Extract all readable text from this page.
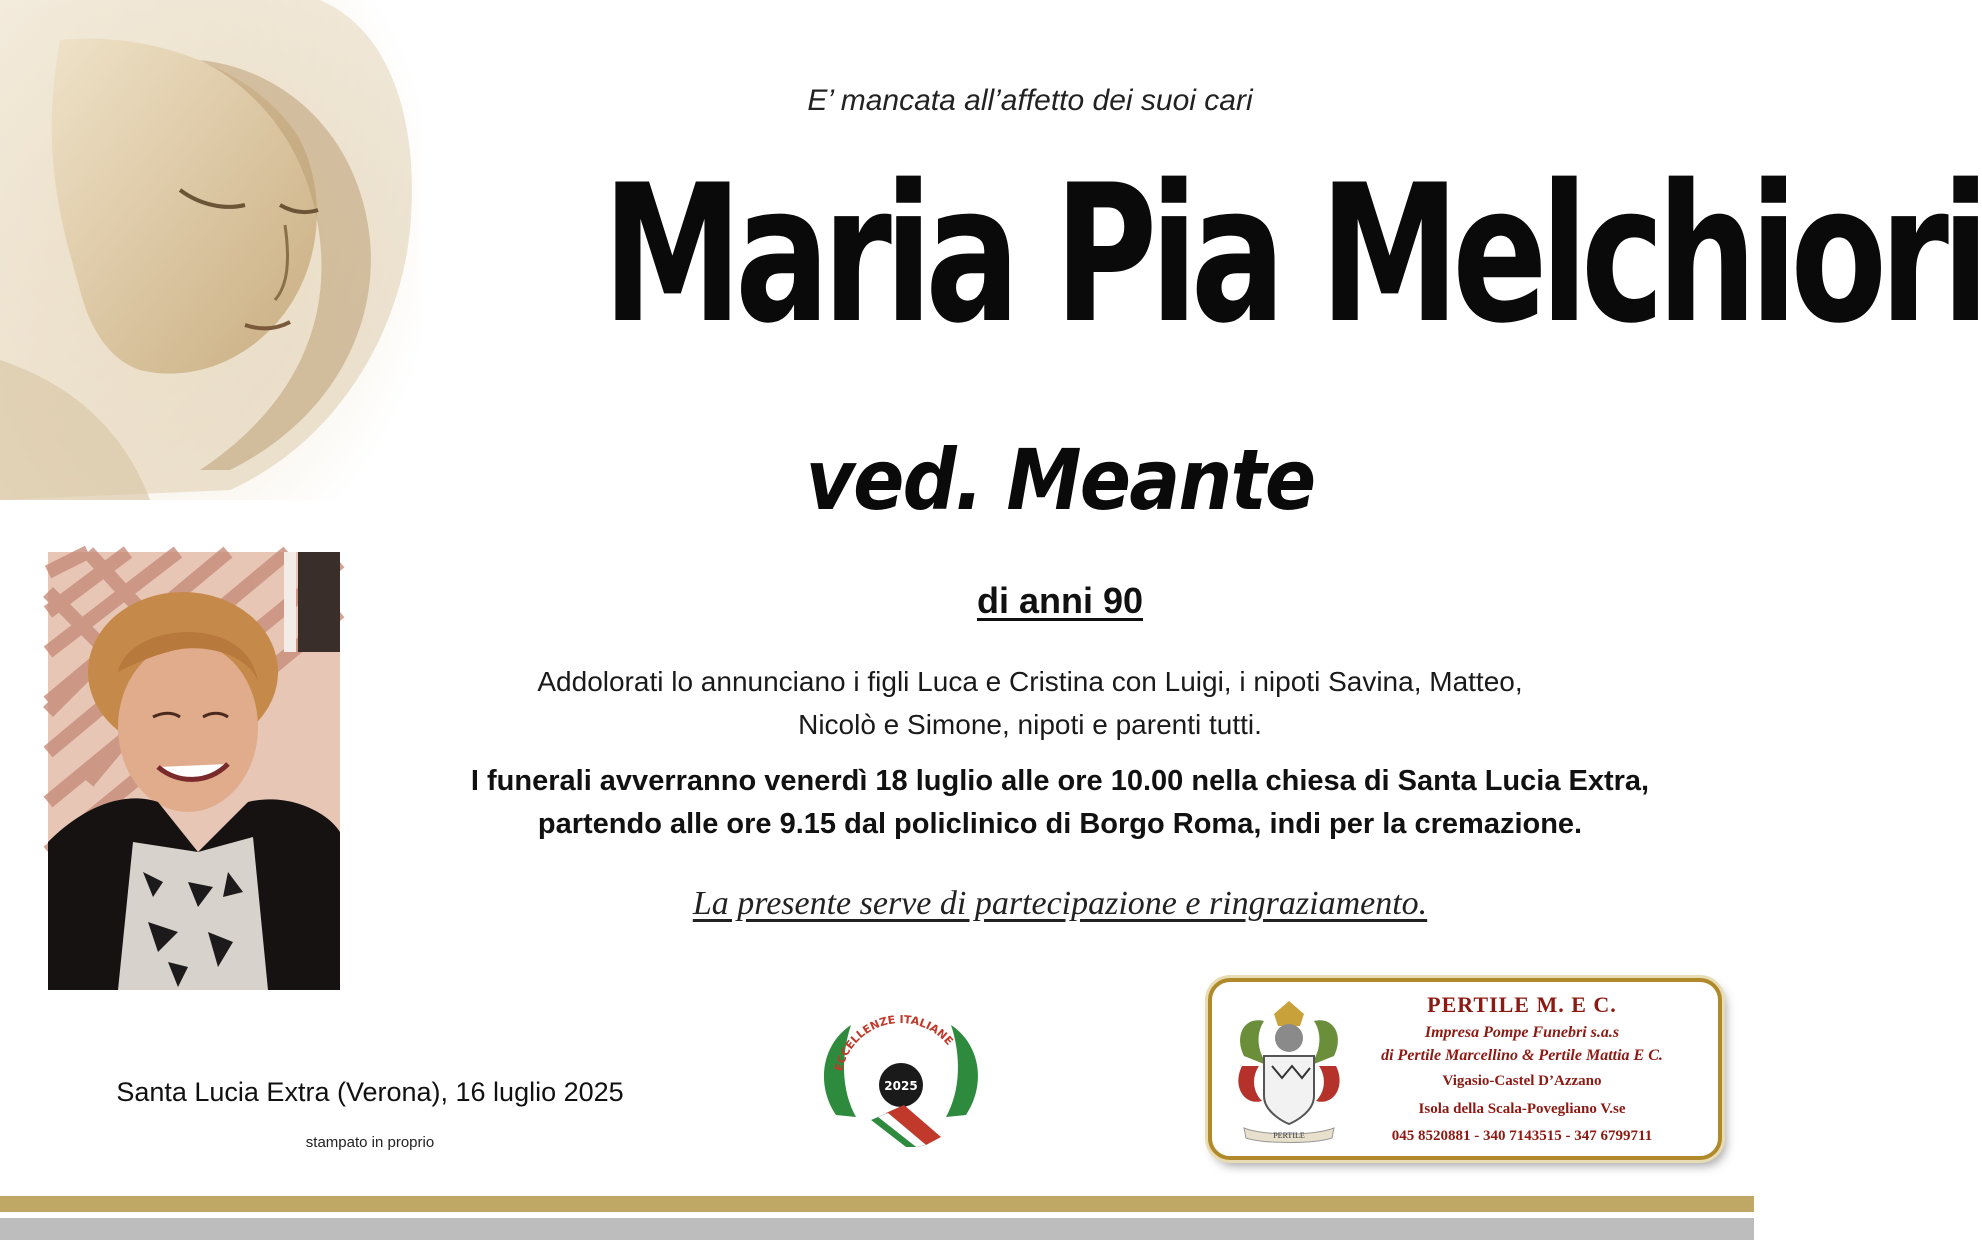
E’ mancata all’affetto dei suoi cari
Maria Pia Melchiori
ved. Meante
di anni 90
Addolorati lo annunciano i figli Luca e Cristina con Luigi, i nipoti Savina, Matteo,
Nicolò e Simone, nipoti e parenti tutti.
I funerali avverranno venerdì 18 luglio alle ore 10.00 nella chiesa di Santa Lucia Extra,
partendo alle ore 9.15 dal policlinico di Borgo Roma, indi per la cremazione.
La presente serve di partecipazione e ringraziamento.
Santa Lucia Extra (Verona), 16 luglio 2025
stampato in proprio
ECCELLENZE ITALIANE
2025
PERTILE
PERTILE M. E C.
Impresa Pompe Funebri s.a.s
di Pertile Marcellino & Pertile Mattia E C.
Vigasio-Castel D’Azzano
Isola della Scala-Povegliano V.se
045 8520881 - 340 7143515 - 347 6799711
